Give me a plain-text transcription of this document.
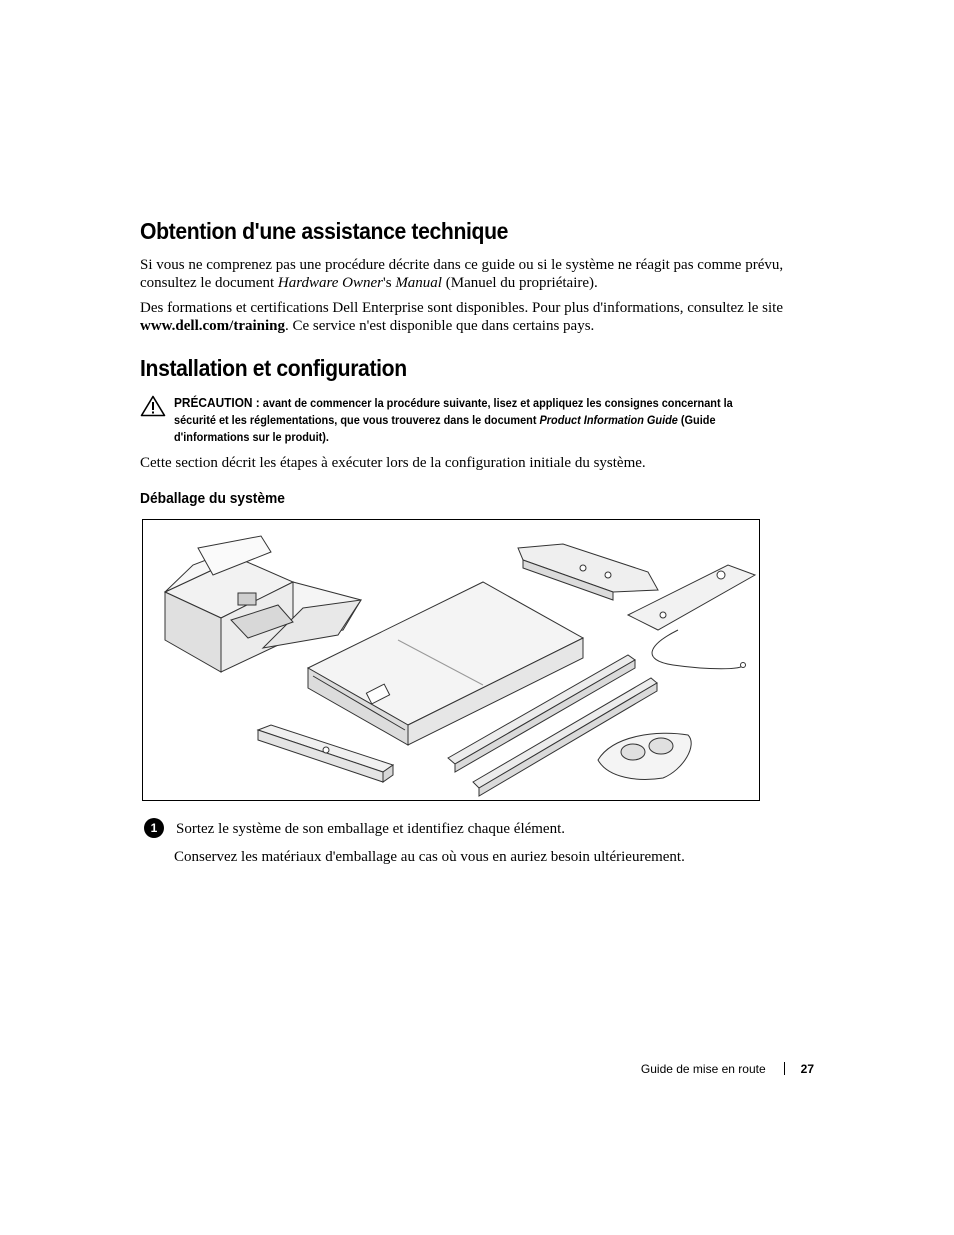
Obtention d'une assistance technique

Si vous ne comprenez pas une procédure décrite dans ce guide ou si le système ne réagit pas comme prévu, consultez le document Hardware Owner's Manual (Manuel du propriétaire).

Des formations et certifications Dell Enterprise sont disponibles. Pour plus d'informations, consultez le site www.dell.com/training. Ce service n'est disponible que dans certains pays.

Installation et configuration
PRÉCAUTION : avant de commencer la procédure suivante, lisez et appliquez les consignes concernant la sécurité et les réglementations, que vous trouverez dans le document Product Information Guide (Guide d'informations sur le produit).

Cette section décrit les étapes à exécuter lors de la configuration initiale du système.

Déballage du système
1	Sortez le système de son emballage et identifiez chaque élément.

Conservez les matériaux d'emballage au cas où vous en auriez besoin ultérieurement.

Guide de mise en route	27
